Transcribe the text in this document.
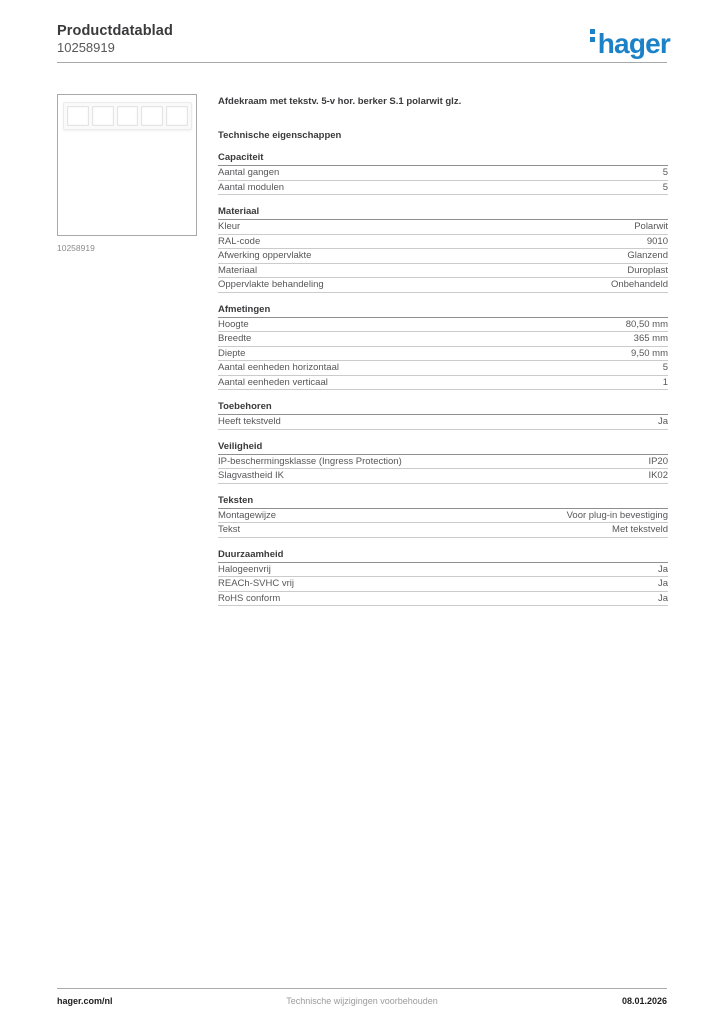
Productdatablad
10258919	hager
10258919
Afdekraam met tekstv. 5-v hor. berker S.1 polarwit glz.
Technische eigenschappen
Capaciteit
Aantal gangen	5
Aantal modulen	5
Materiaal
Kleur	Polarwit
RAL-code	9010
Afwerking oppervlakte	Glanzend
Materiaal	Duroplast
Oppervlakte behandeling	Onbehandeld
Afmetingen
Hoogte	80,50 mm
Breedte	365 mm
Diepte	9,50 mm
Aantal eenheden horizontaal	5
Aantal eenheden verticaal	1
Toebehoren
Heeft tekstveld	Ja
Veiligheid
IP-beschermingsklasse (Ingress Protection)	IP20
Slagvastheid IK	IK02
Teksten
Montagewijze	Voor plug-in bevestiging
Tekst	Met tekstveld
Duurzaamheid
Halogeenvrij	Ja
REACh-SVHC vrij	Ja
RoHS conform	Ja
hager.com/nl	Technische wijzigingen voorbehouden	08.01.2026
